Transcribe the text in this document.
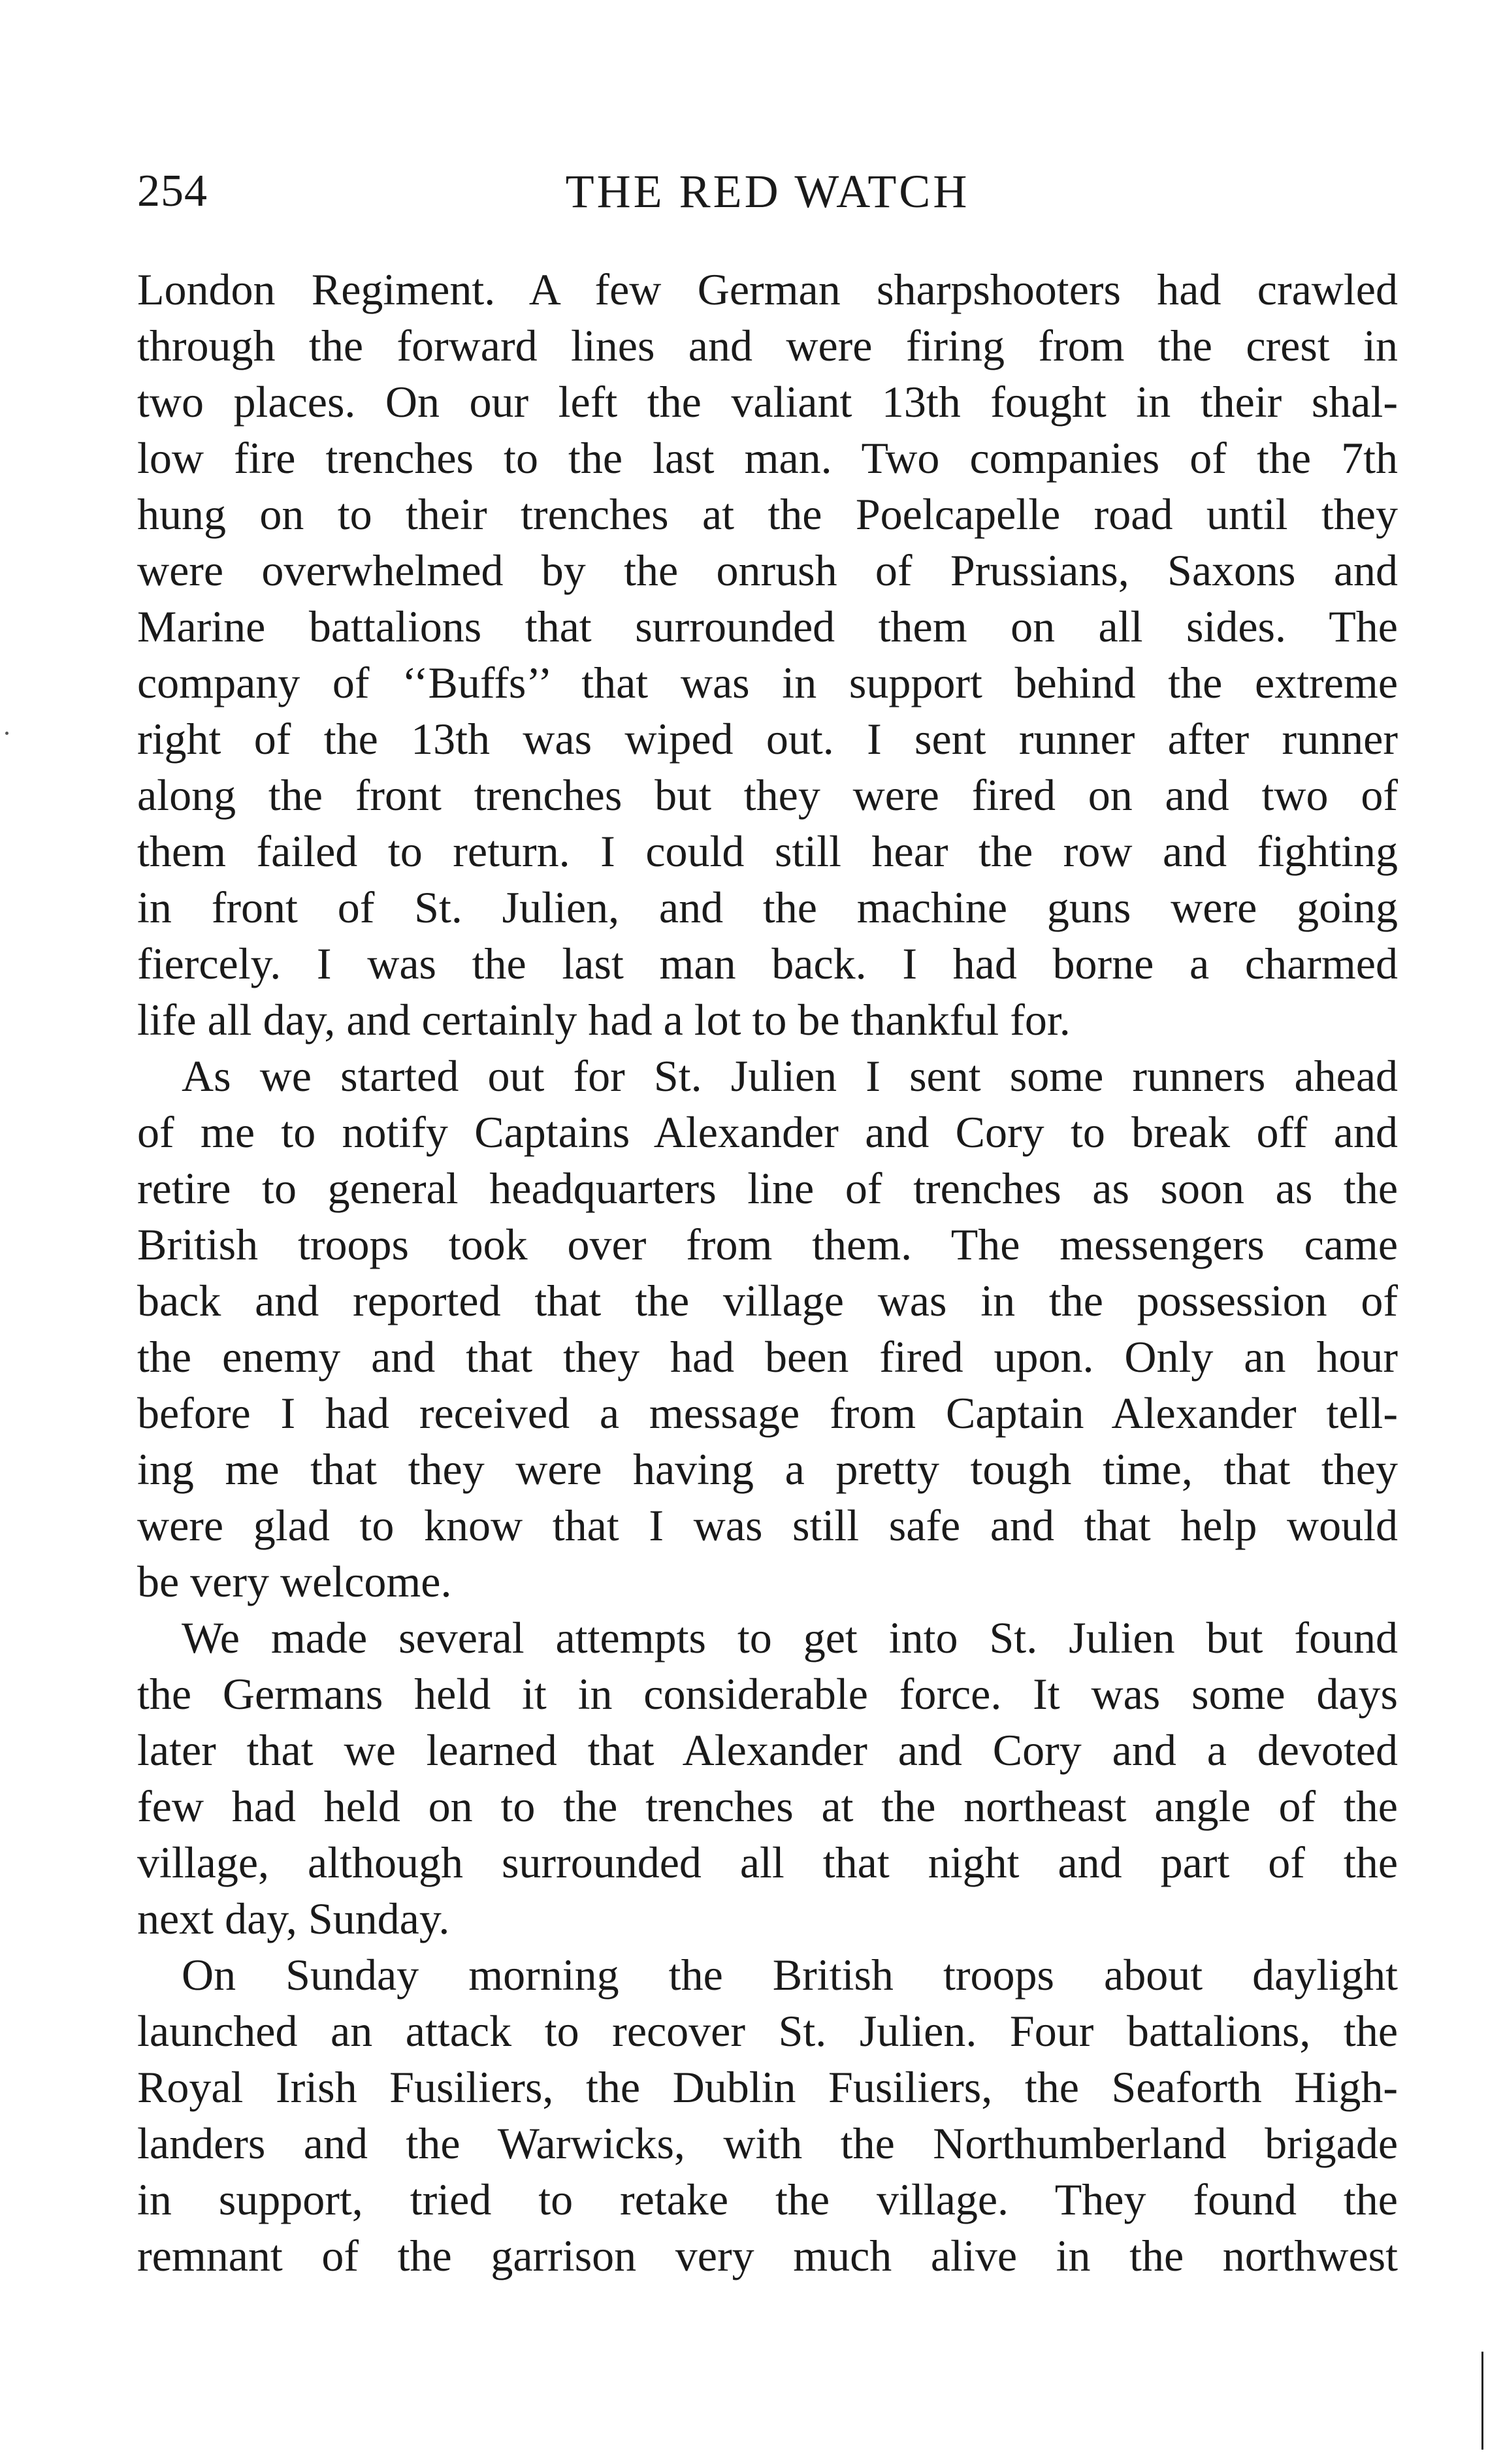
254	THE RED WATCH
London Regiment. A few German sharpshooters had crawled
through the forward lines and were firing from the crest in
two places. On our left the valiant 13th fought in their shal-
low fire trenches to the last man. Two companies of the 7th
hung on to their trenches at the Poelcapelle road until they
were overwhelmed by the onrush of Prussians, Saxons and
Marine battalions that surrounded them on all sides. The
company of ‘‘Buffs’’ that was in support behind the extreme
right of the 13th was wiped out. I sent runner after runner
along the front trenches but they were fired on and two of
them failed to return. I could still hear the row and fighting
in front of St. Julien, and the machine guns were going
fiercely. I was the last man back. I had borne a charmed
life all day, and certainly had a lot to be thankful for.
As we started out for St. Julien I sent some runners ahead
of me to notify Captains Alexander and Cory to break off and
retire to general headquarters line of trenches as soon as the
British troops took over from them. The messengers came
back and reported that the village was in the possession of
the enemy and that they had been fired upon. Only an hour
before I had received a message from Captain Alexander tell-
ing me that they were having a pretty tough time, that they
were glad to know that I was still safe and that help would
be very welcome.
We made several attempts to get into St. Julien but found
the Germans held it in considerable force. It was some days
later that we learned that Alexander and Cory and a devoted
few had held on to the trenches at the northeast angle of the
village, although surrounded all that night and part of the
next day, Sunday.
On Sunday morning the British troops about daylight
launched an attack to recover St. Julien. Four battalions, the
Royal Irish Fusiliers, the Dublin Fusiliers, the Seaforth High-
landers and the Warwicks, with the Northumberland brigade
in support, tried to retake the village. They found the
remnant of the garrison very much alive in the northwest
